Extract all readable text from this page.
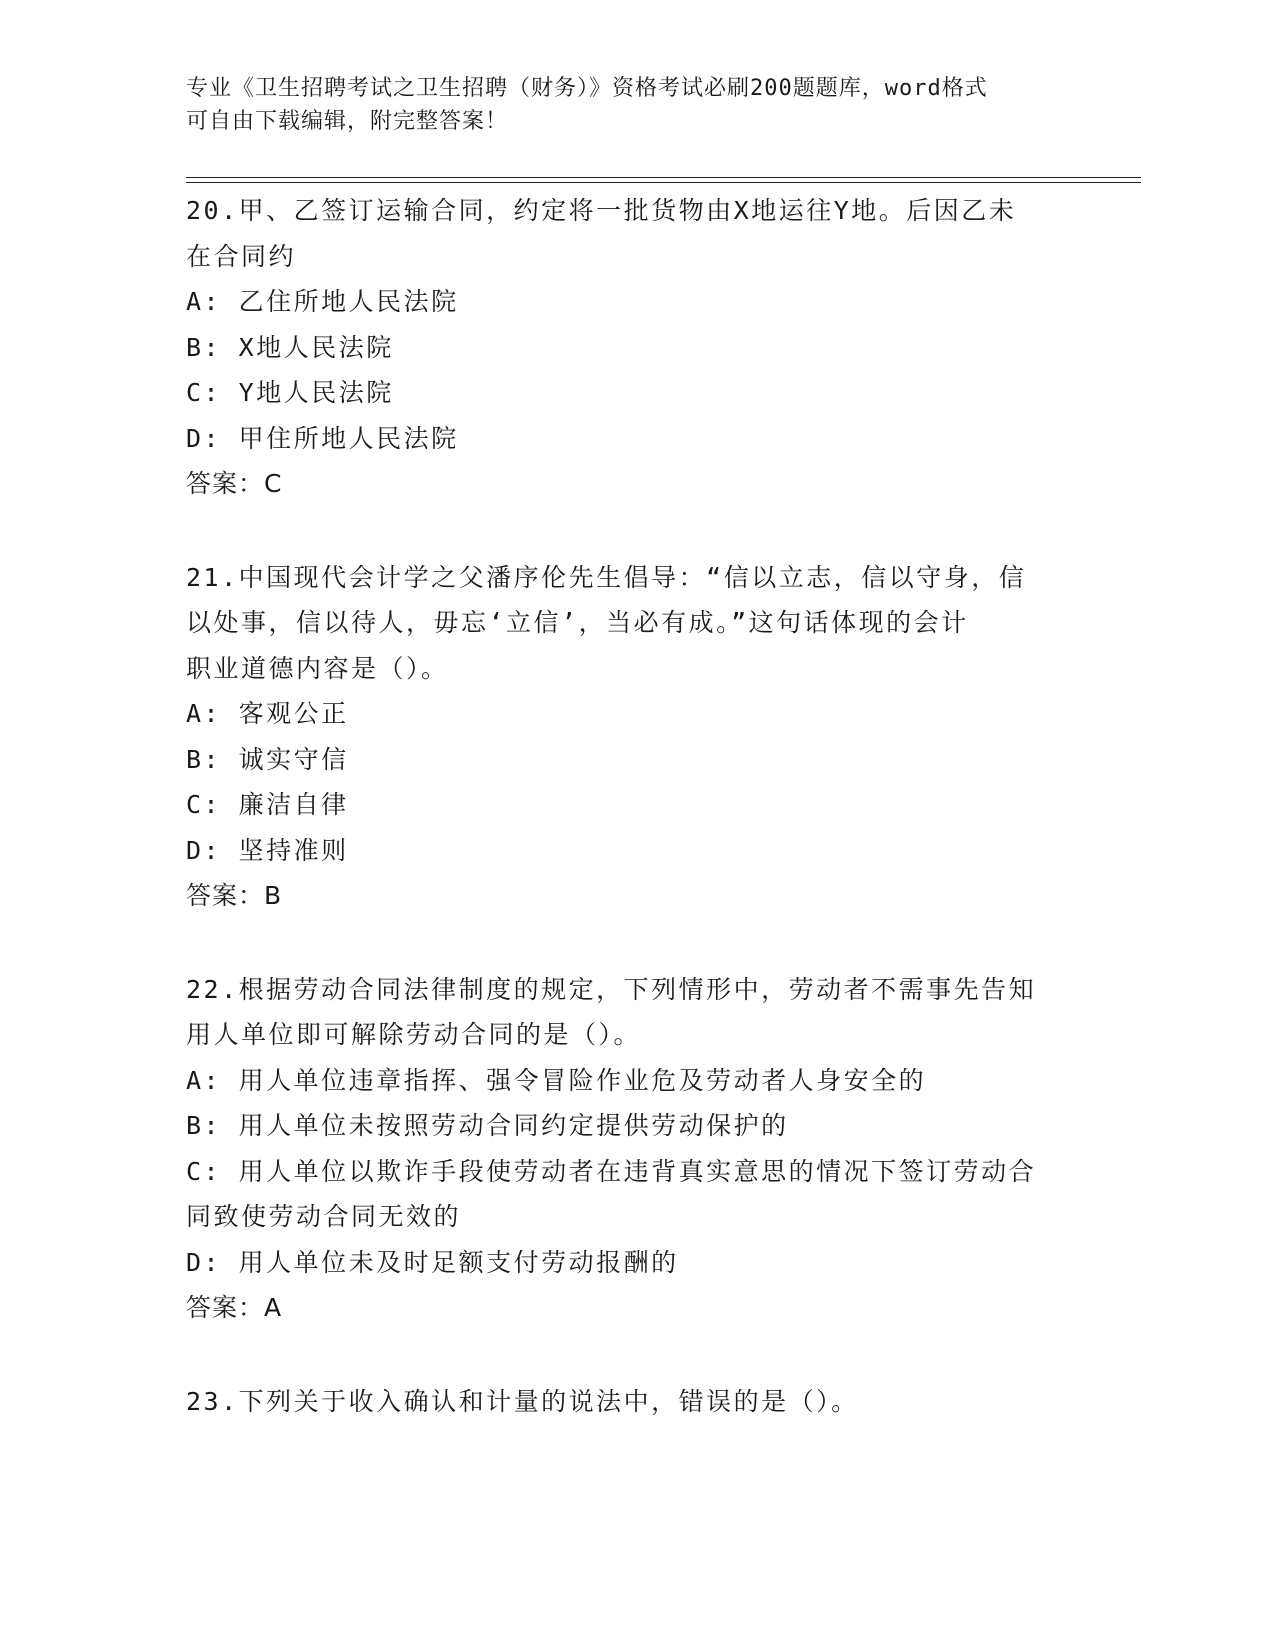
专业《卫生招聘考试之卫生招聘（财务）》资格考试必刷200题题库，word格式
可自由下载编辑，附完整答案！
20.甲、乙签订运输合同，约定将一批货物由X地运往Y地。后因乙未
在合同约
A: 乙住所地人民法院
B: X地人民法院
C: Y地人民法院
D: 甲住所地人民法院
答案：C
21.中国现代会计学之父潘序伦先生倡导：“信以立志，信以守身，信
以处事，信以待人，毋忘‘立信’，当必有成。”这句话体现的会计
职业道德内容是（）。
A: 客观公正
B: 诚实守信
C: 廉洁自律
D: 坚持准则
答案：B
22.根据劳动合同法律制度的规定，下列情形中，劳动者不需事先告知
用人单位即可解除劳动合同的是（）。
A: 用人单位违章指挥、强令冒险作业危及劳动者人身安全的
B: 用人单位未按照劳动合同约定提供劳动保护的
C: 用人单位以欺诈手段使劳动者在违背真实意思的情况下签订劳动合
同致使劳动合同无效的
D: 用人单位未及时足额支付劳动报酬的
答案：A
23.下列关于收入确认和计量的说法中，错误的是（）。
